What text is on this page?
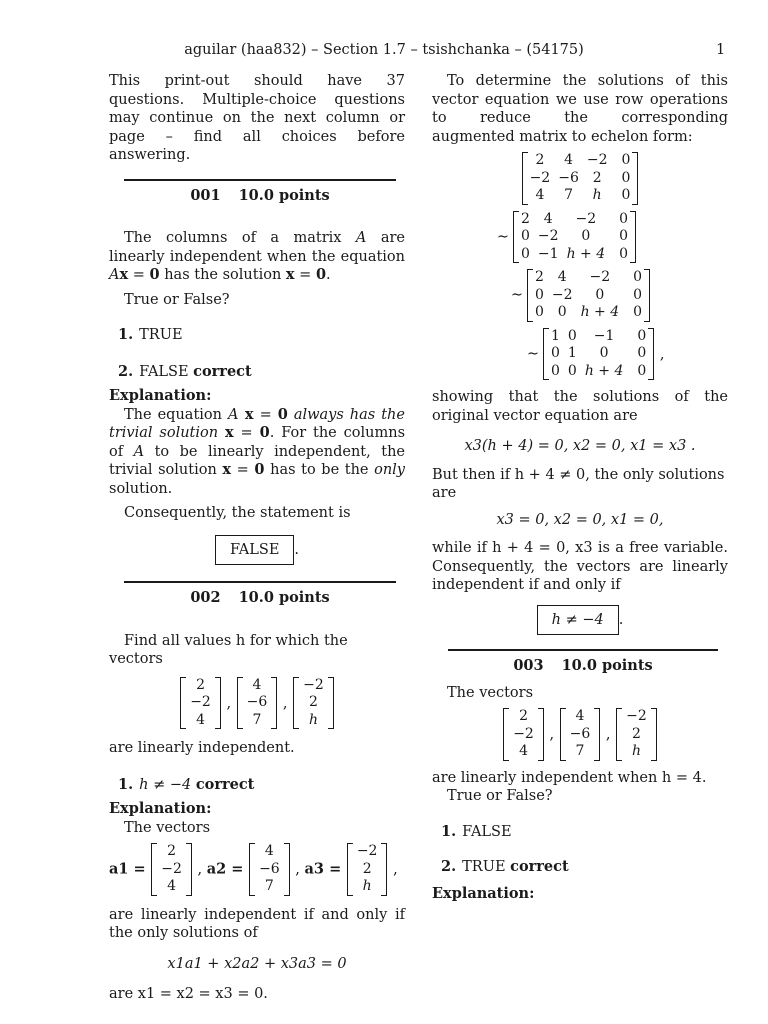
aguilar (haa832) – Section 1.7 – tsishchanka – (54175)	1

This print-out should have 37 questions. Multiple-choice questions may continue on the next column or page – find all choices before answering.

001 10.0 points

The columns of a matrix A are linearly independent when the equation Ax = 0 has the solution x = 0.

True or False?

1. TRUE

2. FALSE correct

Explanation:

The equation A x = 0 always has the trivial solution x = 0. For the columns of A to be linearly independent, the trivial solution x = 0 has to be the only solution.

Consequently, the statement is

FALSE .
002 10.0 points

Find all values h for which the vectors

2
−2
4
,
4
−6
7
,
−2
2
h

are linearly independent.

1. h ≠ −4 correct

Explanation:

The vectors

a1 =
2
−2
4
, a2 =
4
−6
7
, a3 =
−2
2
h
,

are linearly independent if and only if the only solutions of

x1a1 + x2a2 + x3a3 = 0

are x1 = x2 = x3 = 0.

To determine the solutions of this vector equation we use row operations to reduce the corresponding augmented matrix to echelon form:

2	4	−2	0
−2	−6	2	0
4	7	h	0
∼
2	4	−2	0
0	−2	0	0
0	−1	h + 4	0
∼
2	4	−2	0
0	−2	0	0
0	0	h + 4	0
∼
1	0	−1	0
0	1	0	0
0	0	h + 4	0
,

showing that the solutions of the original vector equation are

x3(h + 4) = 0, x2 = 0, x1 = x3 .

But then if h + 4 ≠ 0, the only solutions are

x3 = 0, x2 = 0, x1 = 0,

while if h + 4 = 0, x3 is a free variable. Consequently, the vectors are linearly independent if and only if

h ≠ −4 .
003 10.0 points

The vectors

2
−2
4
,
4
−6
7
,
−2
2
h

are linearly independent when h = 4.

True or False?

1. FALSE

2. TRUE correct

Explanation:
